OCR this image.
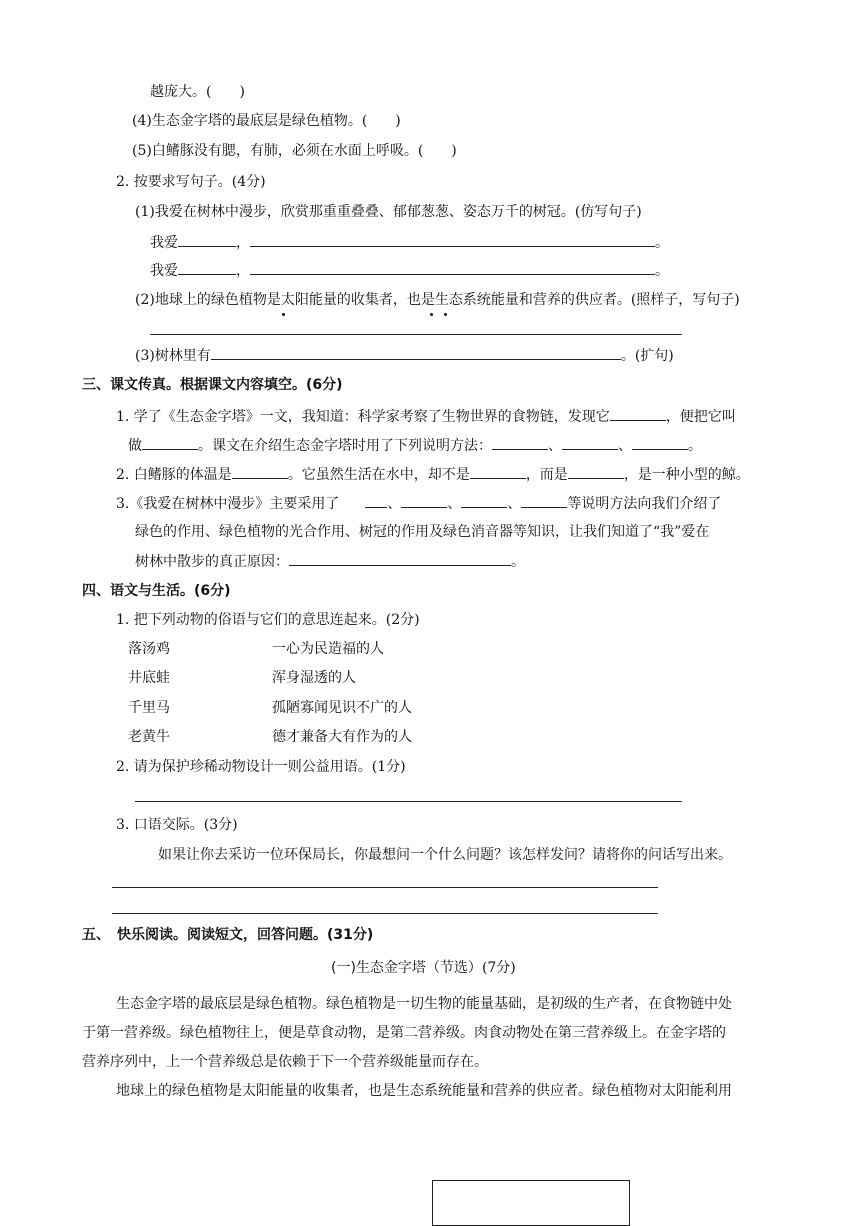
越庞大。(　　)
(4)生态金字塔的最底层是绿色植物。(　　)
(5)白鳍豚没有腮，有肺，必须在水面上呼吸。(　　)
2. 按要求写句子。(4分)
(1)我爱在树林中漫步，欣赏那重重叠叠、郁郁葱葱、姿态万千的树冠。(仿写句子)
我爱	，	。
我爱	，	。
(2)地球上的绿色植物是太阳能量的收集者，也是生态系统能量和营养的供应者。(照样子，写句子)
(3)树林里有	。(扩句)
三、课文传真。根据课文内容填空。(6分)
1. 学了《生态金字塔》一文，我知道：科学家考察了生物世界的食物链，发现它	，便把它叫
做	。课文在介绍生态金字塔时用了下列说明方法：	、	、	。
2. 白鳍豚的体温是	。它虽然生活在水中，却不是	，而是	，是一种小型的鲸。
3.《我爱在树林中漫步》主要采用了	、	、	、	等说明方法向我们介绍了
绿色的作用、绿色植物的光合作用、树冠的作用及绿色消音器等知识，让我们知道了“我”爱在
树林中散步的真正原因：	。
四、语文与生活。(6分)
1. 把下列动物的俗语与它们的意思连起来。(2分)
落汤鸡	一心为民造福的人
井底蛙	浑身湿透的人
千里马	孤陋寡闻见识不广的人
老黄牛	德才兼备大有作为的人
2. 请为保护珍稀动物设计一则公益用语。(1分)
3. 口语交际。(3分)
如果让你去采访一位环保局长，你最想问一个什么问题？该怎样发问？请将你的问话写出来。
五、　快乐阅读。阅读短文，回答问题。(31分)
(一)生态金字塔（节选）(7分)
生态金字塔的最底层是绿色植物。绿色植物是一切生物的能量基础，是初级的生产者，在食物链中处
于第一营养级。绿色植物往上，便是草食动物，是第二营养级。肉食动物处在第三营养级上。在金字塔的
营养序列中，上一个营养级总是依赖于下一个营养级能量而存在。
地球上的绿色植物是太阳能量的收集者，也是生态系统能量和营养的供应者。绿色植物对太阳能利用
